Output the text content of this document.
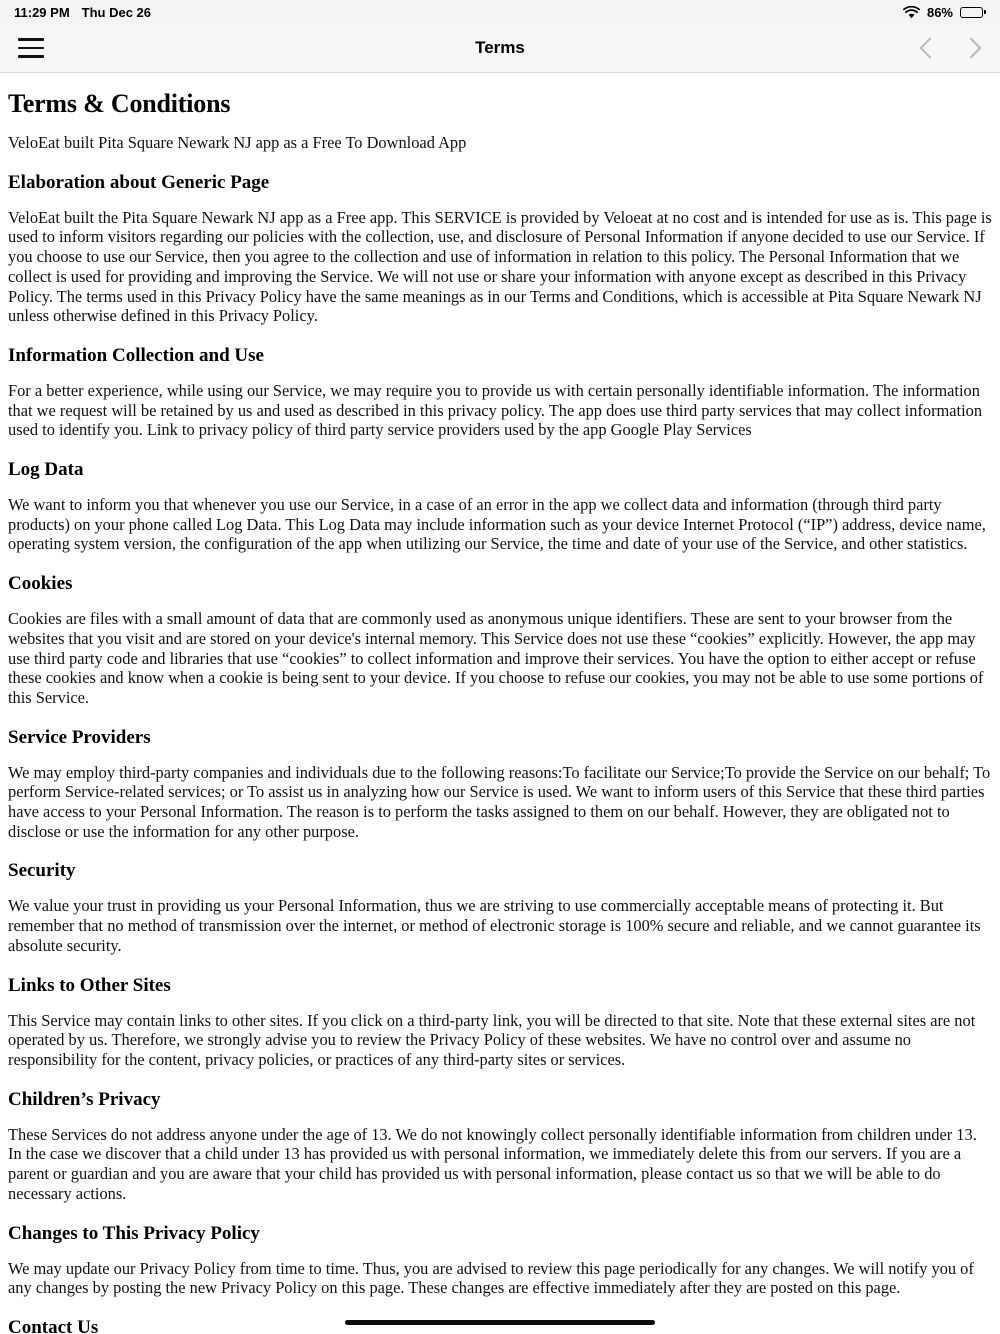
11:29 PM Thu Dec 26	86%
Terms
Terms & Conditions

VeloEat built Pita Square Newark NJ app as a Free To Download App

Elaboration about Generic Page

VeloEat built the Pita Square Newark NJ app as a Free app. This SERVICE is provided by Veloeat at no cost and is intended for use as is. This page is used to inform visitors regarding our policies with the collection, use, and disclosure of Personal Information if anyone decided to use our Service. If you choose to use our Service, then you agree to the collection and use of information in relation to this policy. The Personal Information that we collect is used for providing and improving the Service. We will not use or share your information with anyone except as described in this Privacy Policy. The terms used in this Privacy Policy have the same meanings as in our Terms and Conditions, which is accessible at Pita Square Newark NJ unless otherwise defined in this Privacy Policy.

Information Collection and Use

For a better experience, while using our Service, we may require you to provide us with certain personally identifiable information. The information that we request will be retained by us and used as described in this privacy policy. The app does use third party services that may collect information used to identify you. Link to privacy policy of third party service providers used by the app Google Play Services

Log Data

We want to inform you that whenever you use our Service, in a case of an error in the app we collect data and information (through third party products) on your phone called Log Data. This Log Data may include information such as your device Internet Protocol (“IP”) address, device name, operating system version, the configuration of the app when utilizing our Service, the time and date of your use of the Service, and other statistics.

Cookies

Cookies are files with a small amount of data that are commonly used as anonymous unique identifiers. These are sent to your browser from the websites that you visit and are stored on your device's internal memory. This Service does not use these “cookies” explicitly. However, the app may use third party code and libraries that use “cookies” to collect information and improve their services. You have the option to either accept or refuse these cookies and know when a cookie is being sent to your device. If you choose to refuse our cookies, you may not be able to use some portions of this Service.

Service Providers

We may employ third-party companies and individuals due to the following reasons:To facilitate our Service;To provide the Service on our behalf; To perform Service-related services; or To assist us in analyzing how our Service is used. We want to inform users of this Service that these third parties have access to your Personal Information. The reason is to perform the tasks assigned to them on our behalf. However, they are obligated not to disclose or use the information for any other purpose.

Security

We value your trust in providing us your Personal Information, thus we are striving to use commercially acceptable means of protecting it. But remember that no method of transmission over the internet, or method of electronic storage is 100% secure and reliable, and we cannot guarantee its absolute security.

Links to Other Sites

This Service may contain links to other sites. If you click on a third-party link, you will be directed to that site. Note that these external sites are not operated by us. Therefore, we strongly advise you to review the Privacy Policy of these websites. We have no control over and assume no responsibility for the content, privacy policies, or practices of any third-party sites or services.

Children’s Privacy

These Services do not address anyone under the age of 13. We do not knowingly collect personally identifiable information from children under 13. In the case we discover that a child under 13 has provided us with personal information, we immediately delete this from our servers. If you are a parent or guardian and you are aware that your child has provided us with personal information, please contact us so that we will be able to do necessary actions.

Changes to This Privacy Policy

We may update our Privacy Policy from time to time. Thus, you are advised to review this page periodically for any changes. We will notify you of any changes by posting the new Privacy Policy on this page. These changes are effective immediately after they are posted on this page.

Contact Us
